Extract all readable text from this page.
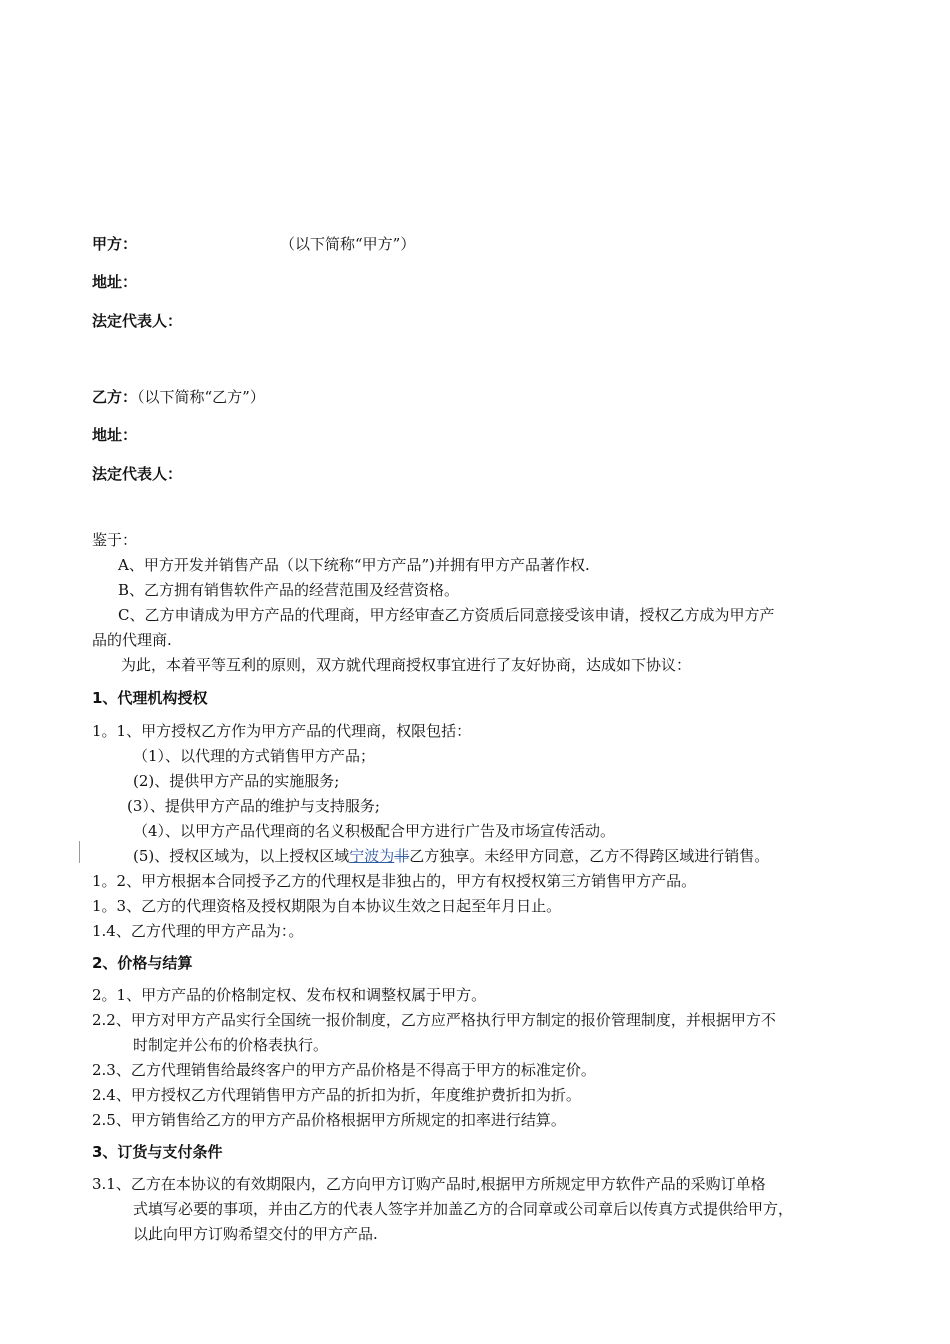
甲方：	（以下简称“甲方”）
地址：
法定代表人：
乙方：（以下简称“乙方”）
地址：
法定代表人：
鉴于：
A、甲方开发并销售产品（以下统称“甲方产品”)并拥有甲方产品著作权.
B、乙方拥有销售软件产品的经营范围及经营资格。
C、乙方申请成为甲方产品的代理商，甲方经审查乙方资质后同意接受该申请，授权乙方成为甲方产
品的代理商.
为此，本着平等互利的原则，双方就代理商授权事宜进行了友好协商，达成如下协议：
1、代理机构授权
1。1、甲方授权乙方作为甲方产品的代理商，权限包括：
（1）、以代理的方式销售甲方产品；
(2)、提供甲方产品的实施服务;
(3）、提供甲方产品的维护与支持服务;
（4）、以甲方产品代理商的名义积极配合甲方进行广告及市场宣传活动。
(5)、授权区域为，以上授权区域宁波为非乙方独享。未经甲方同意，乙方不得跨区域进行销售。
1。2、甲方根据本合同授予乙方的代理权是非独占的，甲方有权授权第三方销售甲方产品。
1。3、乙方的代理资格及授权期限为自本协议生效之日起至年月日止。
1.4、乙方代理的甲方产品为：。
2、价格与结算
2。1、甲方产品的价格制定权、发布权和调整权属于甲方。
2.2、甲方对甲方产品实行全国统一报价制度，乙方应严格执行甲方制定的报价管理制度，并根据甲方不
时制定并公布的价格表执行。
2.3、乙方代理销售给最终客户的甲方产品价格是不得高于甲方的标准定价。
2.4、甲方授权乙方代理销售甲方产品的折扣为折，年度维护费折扣为折。
2.5、甲方销售给乙方的甲方产品价格根据甲方所规定的扣率进行结算。
3、订货与支付条件
3.1、乙方在本协议的有效期限内，乙方向甲方订购产品时,根据甲方所规定甲方软件产品的采购订单格
式填写必要的事项，并由乙方的代表人签字并加盖乙方的合同章或公司章后以传真方式提供给甲方，
以此向甲方订购希望交付的甲方产品.
